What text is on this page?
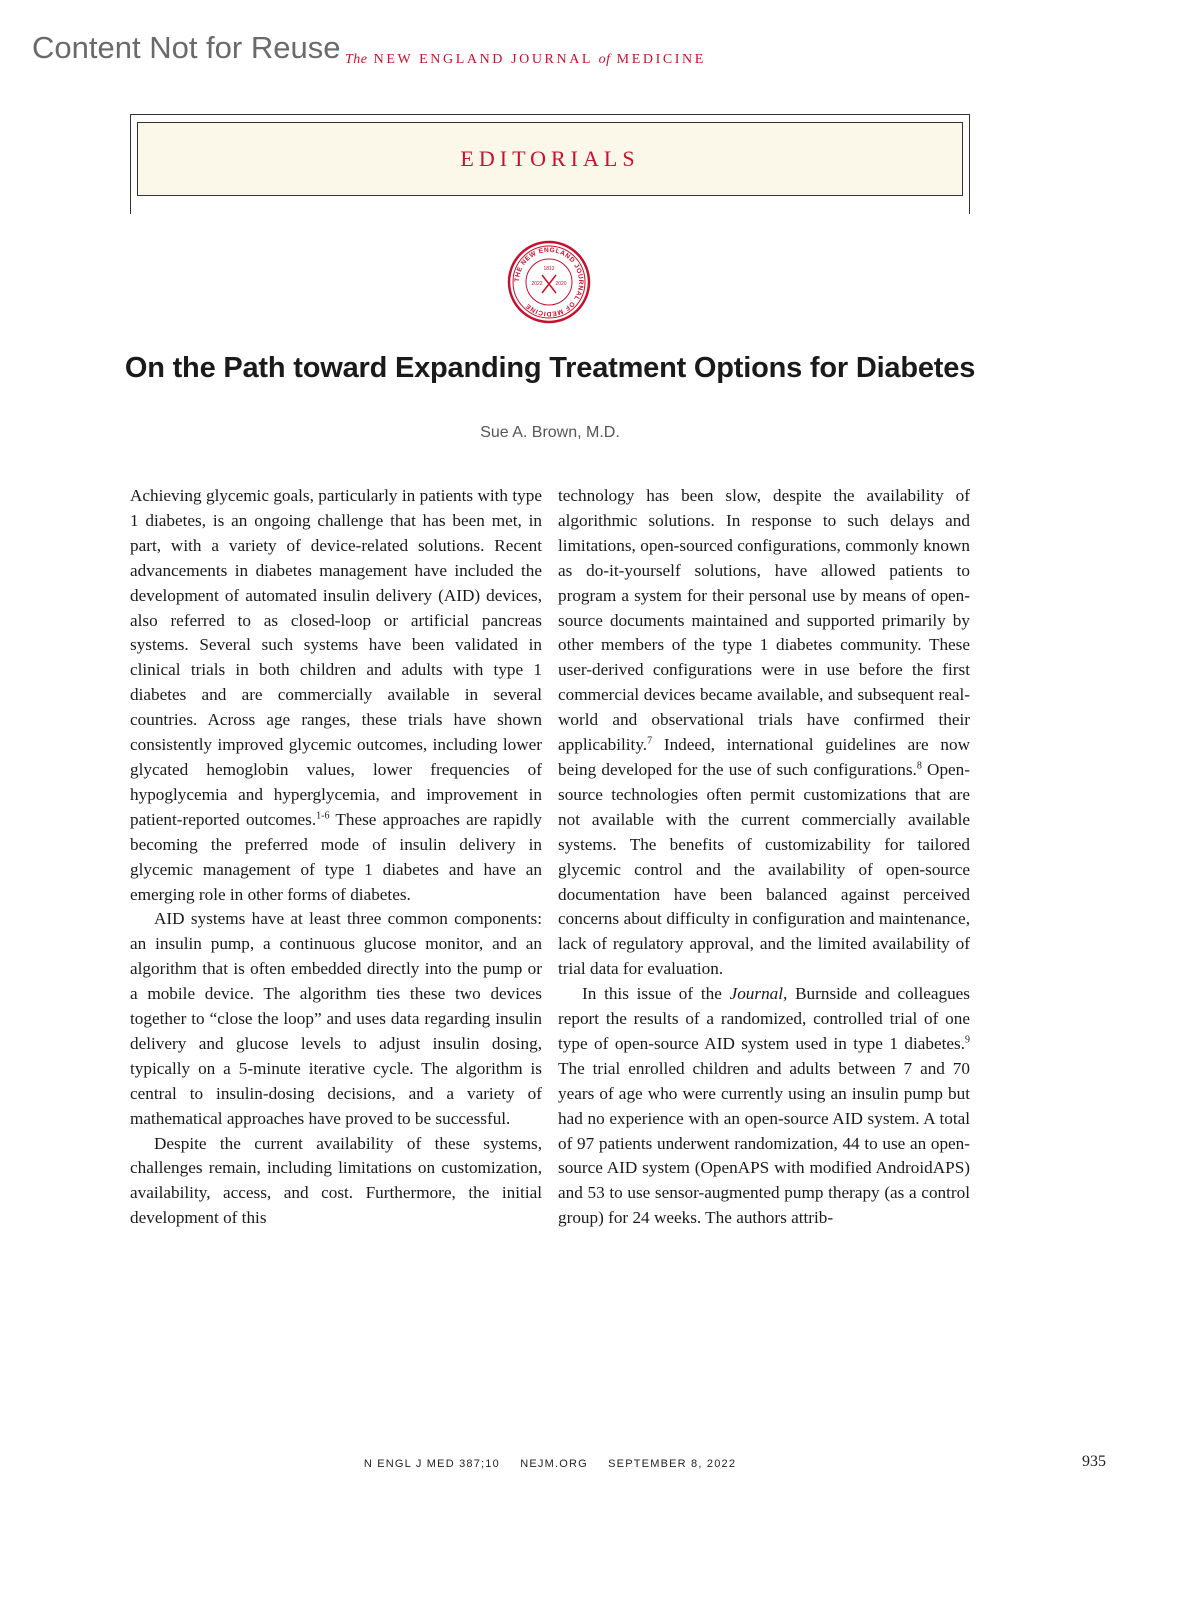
Content Not for Reuse The NEW ENGLAND JOURNAL of MEDICINE
EDITORIALS
THE NEW ENGLAND JOURNAL OF MEDICINE
1812
2022	2020
On the Path toward Expanding Treatment Options for Diabetes
Sue A. Brown, M.D.

Achieving glycemic goals, particularly in patients with type 1 diabetes, is an ongoing challenge that has been met, in part, with a variety of device-related solutions. Recent advancements in diabetes management have included the development of automated insulin delivery (AID) devices, also referred to as closed-loop or artificial pancreas systems. Several such systems have been validated in clinical trials in both children and adults with type 1 diabetes and are commercially available in several countries. Across age ranges, these trials have shown consistently improved glycemic outcomes, including lower glycated hemoglobin values, lower frequencies of hypoglycemia and hyperglycemia, and improvement in patient-reported outcomes.$^{1-6}$ These approaches are rapidly becoming the preferred mode of insulin delivery in glycemic management of type 1 diabetes and have an emerging role in other forms of diabetes.

AID systems have at least three common components: an insulin pump, a continuous glucose monitor, and an algorithm that is often embedded directly into the pump or a mobile device. The algorithm ties these two devices together to “close the loop” and uses data regarding insulin delivery and glucose levels to adjust insulin dosing, typically on a 5-minute iterative cycle. The algorithm is central to insulin-dosing decisions, and a variety of mathematical approaches have proved to be successful.

Despite the current availability of these systems, challenges remain, including limitations on customization, availability, access, and cost. Furthermore, the initial development of this

technology has been slow, despite the availability of algorithmic solutions. In response to such delays and limitations, open-sourced configurations, commonly known as do-it-yourself solutions, have allowed patients to program a system for their personal use by means of open-source documents maintained and supported primarily by other members of the type 1 diabetes community. These user-derived configurations were in use before the first commercial devices became available, and subsequent real-world and observational trials have confirmed their applicability.$^7$ Indeed, international guidelines are now being developed for the use of such configurations.$^8$ Open-source technologies often permit customizations that are not available with the current commercially available systems. The benefits of customizability for tailored glycemic control and the availability of open-source documentation have been balanced against perceived concerns about difficulty in configuration and maintenance, lack of regulatory approval, and the limited availability of trial data for evaluation.

In this issue of the Journal, Burnside and colleagues report the results of a randomized, controlled trial of one type of open-source AID system used in type 1 diabetes.$^9$ The trial enrolled children and adults between 7 and 70 years of age who were currently using an insulin pump but had no experience with an open-source AID system. A total of 97 patients underwent randomization, 44 to use an open-source AID system (OpenAPS with modified AndroidAPS) and 53 to use sensor-augmented pump therapy (as a control group) for 24 weeks. The authors attrib-

N ENGL J MED 387;10 NEJM.ORG SEPTEMBER 8, 2022	935
